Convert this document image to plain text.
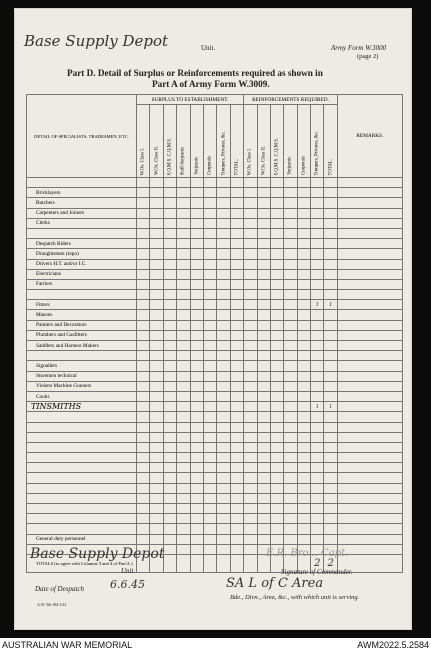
Base Supply Depot	Unit.	Army Form W.3000
(page 2)
Part D. Detail of Surplus or Reinforcements required as shown in
Part A of Army Form W.3009.
DETAIL OF SPECIALISTS, TRADESMEN, ETC.	SURPLUS TO ESTABLISHMENT.								REINFORCEMENTS REQUIRED.							REMARKS.

	W.Os. Class I.	W.Os. Class II.	S.Q.M.S. C.Q.M.S.	Staff-Serjeants	Serjeants	Corporals	Troopers, Privates, &c.	TOTAL.	W.Os. Class I.	W.Os. Class II.	S.Q.M.S. C.Q.M.S.	Serjeants	Corporals	Troopers, Privates, &c.	TOTAL.	

Bricklayers																
Butchers																
Carpenters and Joiners																
Clerks																

Despatch Riders																
Draughtsmen (topo)																
Drivers H.T. and/or I.C.																
Electricians																
Farriers																

Fitters														1	1	
Masons																
Painters and Decorators																
Plumbers and Gasfitters																
Saddlers and Harness Makers																

Signallers																
Storemen technical																
Vickers Machine Gunners																
Cooks																
TINSMITHS														1	1	

General duty personnel																

TOTALS (to agree with Columns 3 and 4 of Part A.)														2	2	
Base Supply Depot
Unit.
Date of Despatch 6.6.45
E.R. Bro... Capt.
Signature of Commander.
SA L of C Area
Bde., Divn., Area, &c., with which unit is serving.
A.W. 5th 384 5/41
AUSTRALIAN WAR MEMORIAL	AWM2022.5.2584
